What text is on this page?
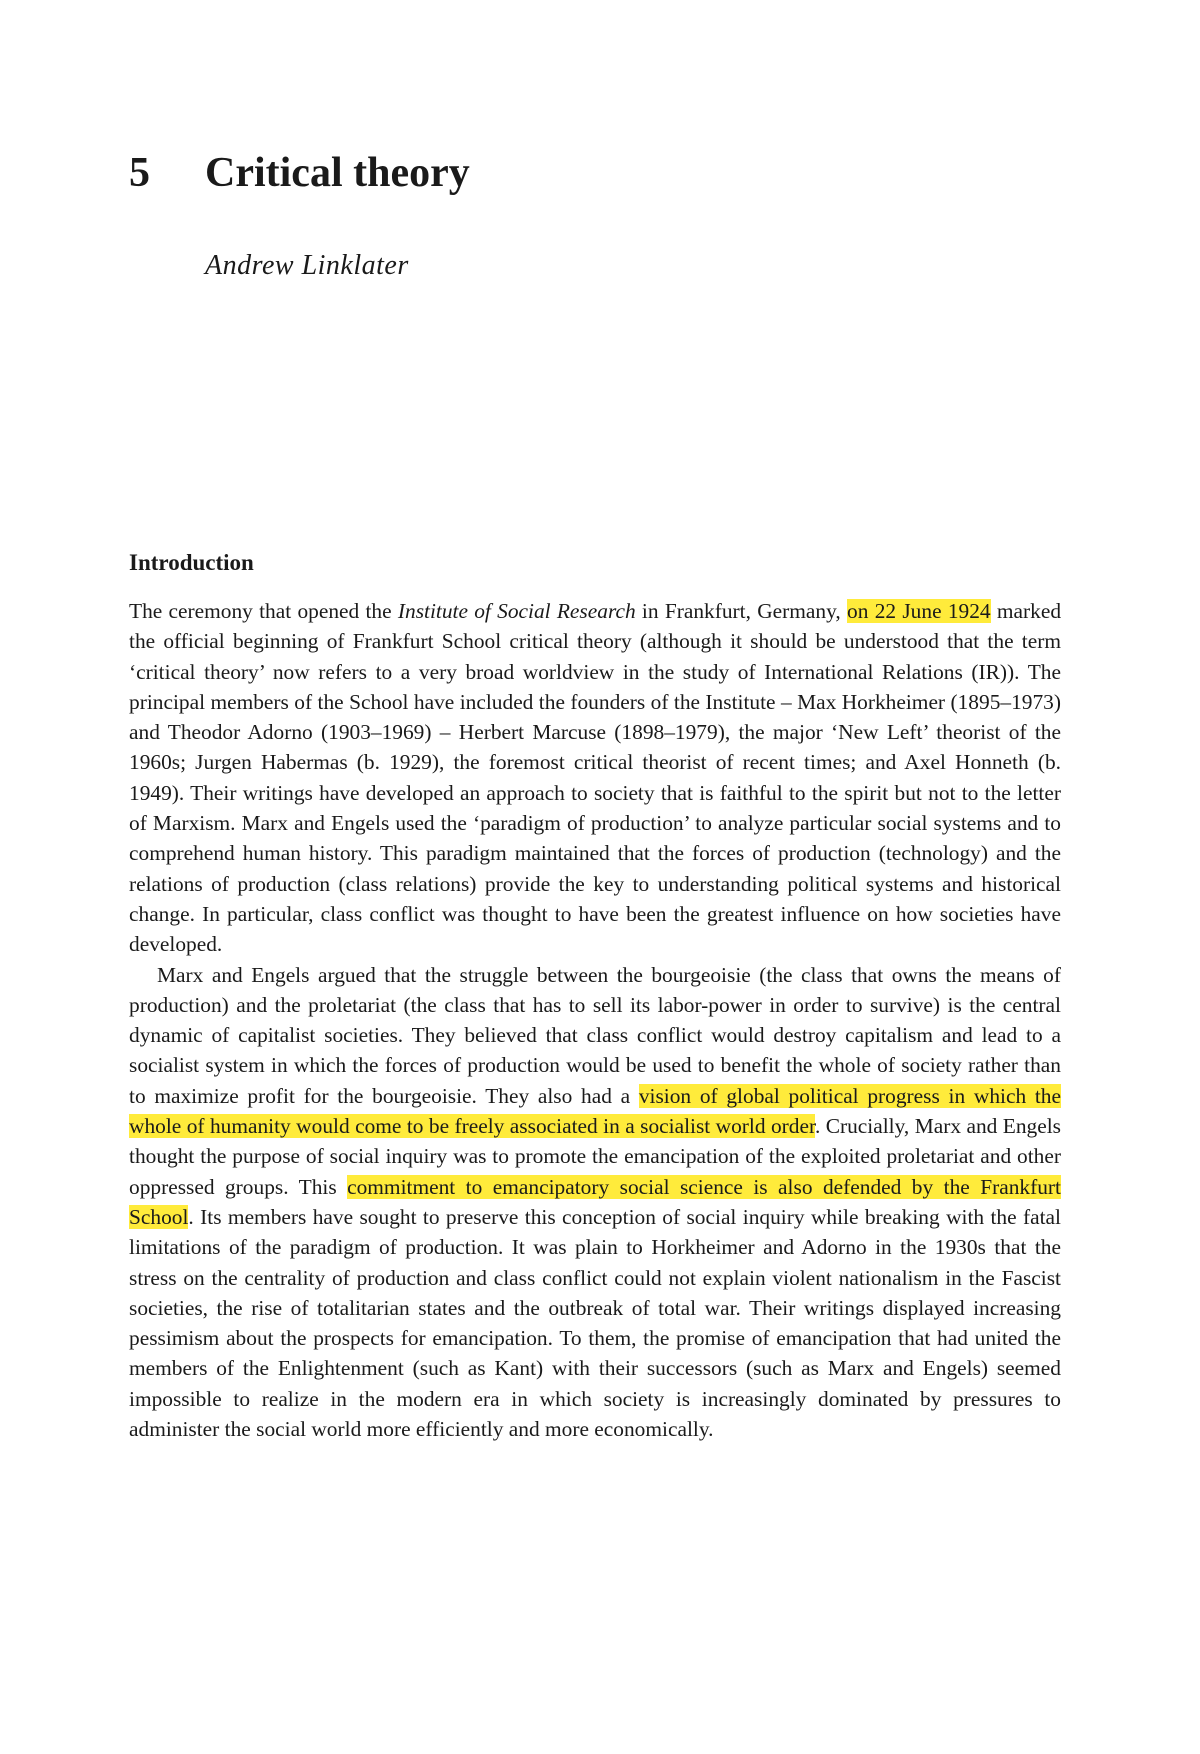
5 Critical theory
Andrew Linklater
Introduction

The ceremony that opened the Institute of Social Research in Frankfurt, Germany, on 22 June 1924 marked the official beginning of Frankfurt School critical theory (although it should be understood that the term ‘critical theory’ now refers to a very broad worldview in the study of International Relations (IR)). The principal members of the School have included the founders of the Institute – Max Horkheimer (1895–1973) and Theodor Adorno (1903–1969) – Herbert Marcuse (1898–1979), the major ‘New Left’ theorist of the 1960s; Jurgen Habermas (b. 1929), the foremost critical theorist of recent times; and Axel Honneth (b. 1949). Their writings have developed an approach to society that is faithful to the spirit but not to the letter of Marxism. Marx and Engels used the ‘paradigm of production’ to analyze particular social systems and to comprehend human history. This paradigm maintained that the forces of production (technology) and the relations of production (class relations) provide the key to understanding political systems and historical change. In particular, class conflict was thought to have been the greatest influence on how societies have developed.

Marx and Engels argued that the struggle between the bourgeoisie (the class that owns the means of production) and the proletariat (the class that has to sell its labor-power in order to survive) is the central dynamic of capitalist societies. They believed that class conflict would destroy capitalism and lead to a socialist system in which the forces of production would be used to benefit the whole of society rather than to maximize profit for the bourgeoisie. They also had a vision of global political progress in which the whole of humanity would come to be freely associated in a socialist world order. Crucially, Marx and Engels thought the purpose of social inquiry was to promote the emancipation of the exploited proletariat and other oppressed groups. This commitment to emancipatory social science is also defended by the Frankfurt School. Its members have sought to preserve this conception of social inquiry while breaking with the fatal limitations of the paradigm of production. It was plain to Horkheimer and Adorno in the 1930s that the stress on the centrality of production and class conflict could not explain violent nationalism in the Fascist societies, the rise of totalitarian states and the outbreak of total war. Their writings displayed increasing pessimism about the prospects for emancipation. To them, the promise of emancipation that had united the members of the Enlightenment (such as Kant) with their successors (such as Marx and Engels) seemed impossible to realize in the modern era in which society is increasingly dominated by pressures to administer the social world more efficiently and more economically.
